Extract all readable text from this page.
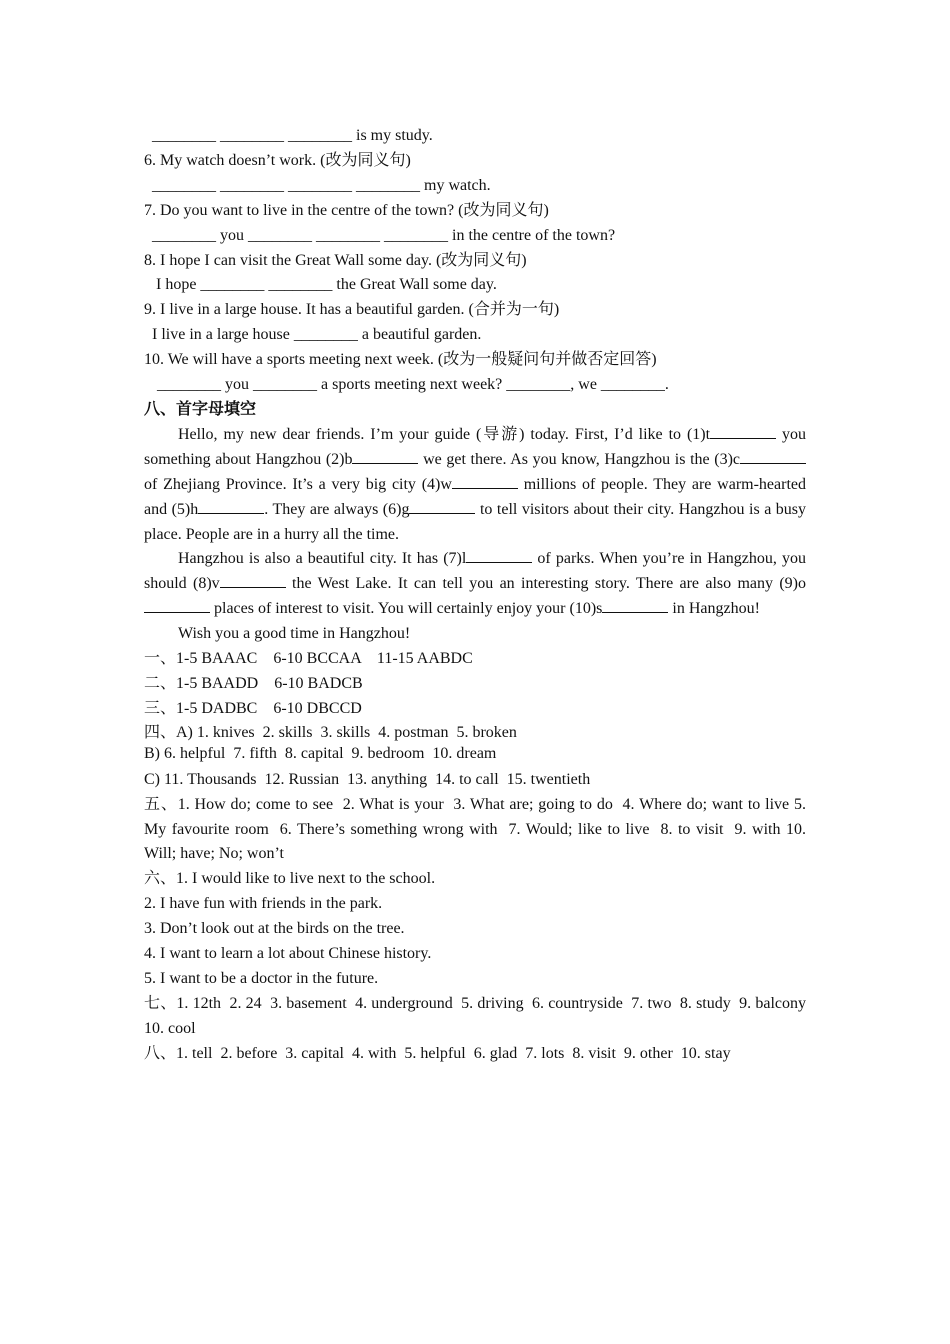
________ ________ ________ is my study.
6. My watch doesn’t work. (改为同义句)
________ ________ ________ ________ my watch.
7. Do you want to live in the centre of the town? (改为同义句)
________ you ________ ________ ________ in the centre of the town?
8. I hope I can visit the Great Wall some day. (改为同义句)
I hope ________ ________ the Great Wall some day.
9. I live in a large house. It has a beautiful garden. (合并为一句)
I live in a large house ________ a beautiful garden.
10. We will have a sports meeting next week. (改为一般疑问句并做否定回答)
________ you ________ a sports meeting next week? ________, we ________.
八、首字母填空
Hello, my new dear friends. I’m your guide (导游) today. First, I’d like to (1)t	you something about Hangzhou (2)b	we get there. As you know, Hangzhou is the (3)c of Zhejiang Province. It’s a very big city (4)w	millions of people. They are warm-hearted and (5)h	. They are always (6)g	to tell visitors about their city. Hangzhou is a busy place. People are in a hurry all the time.
Hangzhou is also a beautiful city. It has (7)l	of parks. When you’re in Hangzhou, you should (8)v	the West Lake. It can tell you an interesting story. There are also many (9)o places of interest to visit. You will certainly enjoy your (10)s	in Hangzhou!
Wish you a good time in Hangzhou!
一、1-5 BAAAC    6-10 BCCAA    11-15 AABDC
二、1-5 BAADD    6-10 BADCB
三、1-5 DADBC    6-10 DBCCD
四、A) 1. knives  2. skills  3. skills  4. postman  5. broken
B) 6. helpful  7. fifth  8. capital  9. bedroom  10. dream
C) 11. Thousands  12. Russian  13. anything  14. to call  15. twentieth
五、1. How do; come to see  2. What is your  3. What are; going to do  4. Where do; want to live 5. My favourite room  6. There’s something wrong with  7. Would; like to live  8. to visit  9. with 10. Will; have; No; won’t
六、1. I would like to live next to the school.
2. I have fun with friends in the park.
3. Don’t look out at the birds on the tree.
4. I want to learn a lot about Chinese history.
5. I want to be a doctor in the future.
七、1. 12th  2. 24  3. basement  4. underground  5. driving  6. countryside  7. two  8. study  9. balcony  10. cool
八、1. tell  2. before  3. capital  4. with  5. helpful  6. glad  7. lots  8. visit  9. other  10. stay
